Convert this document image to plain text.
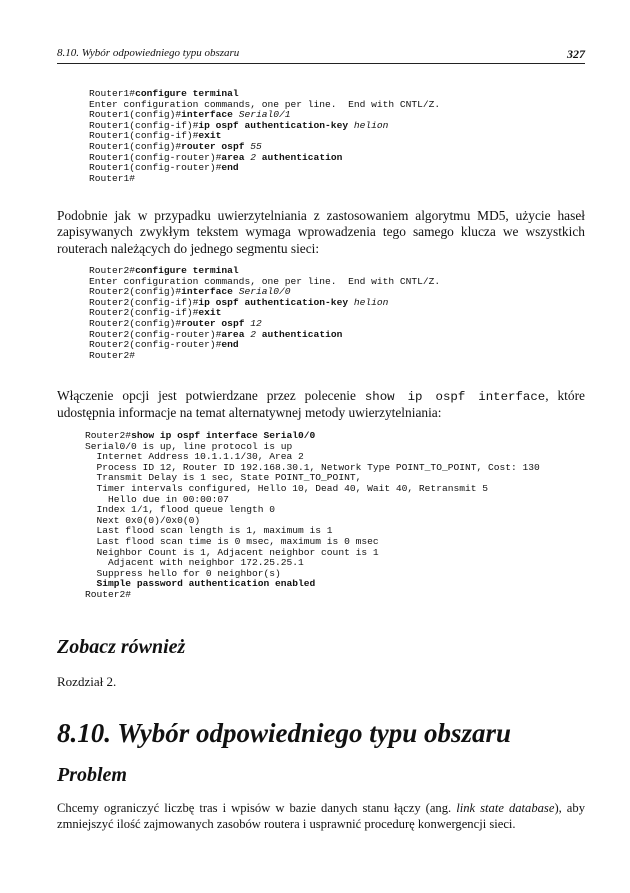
8.10. Wybór odpowiedniego typu obszaru	327
Router1#configure terminal
Enter configuration commands, one per line.  End with CNTL/Z.
Router1(config)#interface Serial0/1
Router1(config-if)#ip ospf authentication-key helion
Router1(config-if)#exit
Router1(config)#router ospf 55
Router1(config-router)#area 2 authentication
Router1(config-router)#end
Router1#
Podobnie jak w przypadku uwierzytelniania z zastosowaniem algorytmu MD5, użycie haseł zapisywanych zwykłym tekstem wymaga wprowadzenia tego samego klucza we wszystkich routerach należących do jednego segmentu sieci:
Router2#configure terminal
Enter configuration commands, one per line.  End with CNTL/Z.
Router2(config)#interface Serial0/0
Router2(config-if)#ip ospf authentication-key helion
Router2(config-if)#exit
Router2(config)#router ospf 12
Router2(config-router)#area 2 authentication
Router2(config-router)#end
Router2#
Włączenie opcji jest potwierdzane przez polecenie show ip ospf interface, które udostępnia informacje na temat alternatywnej metody uwierzytelniania:
Router2#show ip ospf interface Serial0/0
Serial0/0 is up, line protocol is up
Internet Address 10.1.1.1/30, Area 2
Process ID 12, Router ID 192.168.30.1, Network Type POINT_TO_POINT, Cost: 130
Transmit Delay is 1 sec, State POINT_TO_POINT,
Timer intervals configured, Hello 10, Dead 40, Wait 40, Retransmit 5
Hello due in 00:00:07
Index 1/1, flood queue length 0
Next 0x0(0)/0x0(0)
Last flood scan length is 1, maximum is 1
Last flood scan time is 0 msec, maximum is 0 msec
Neighbor Count is 1, Adjacent neighbor count is 1
Adjacent with neighbor 172.25.25.1
Suppress hello for 0 neighbor(s)
Simple password authentication enabled
Router2#
Zobacz również
Rozdział 2.
8.10. Wybór odpowiedniego typu obszaru
Problem
Chcemy ograniczyć liczbę tras i wpisów w bazie danych stanu łączy (ang. link state database), aby zmniejszyć ilość zajmowanych zasobów routera i usprawnić procedurę konwergencji sieci.
